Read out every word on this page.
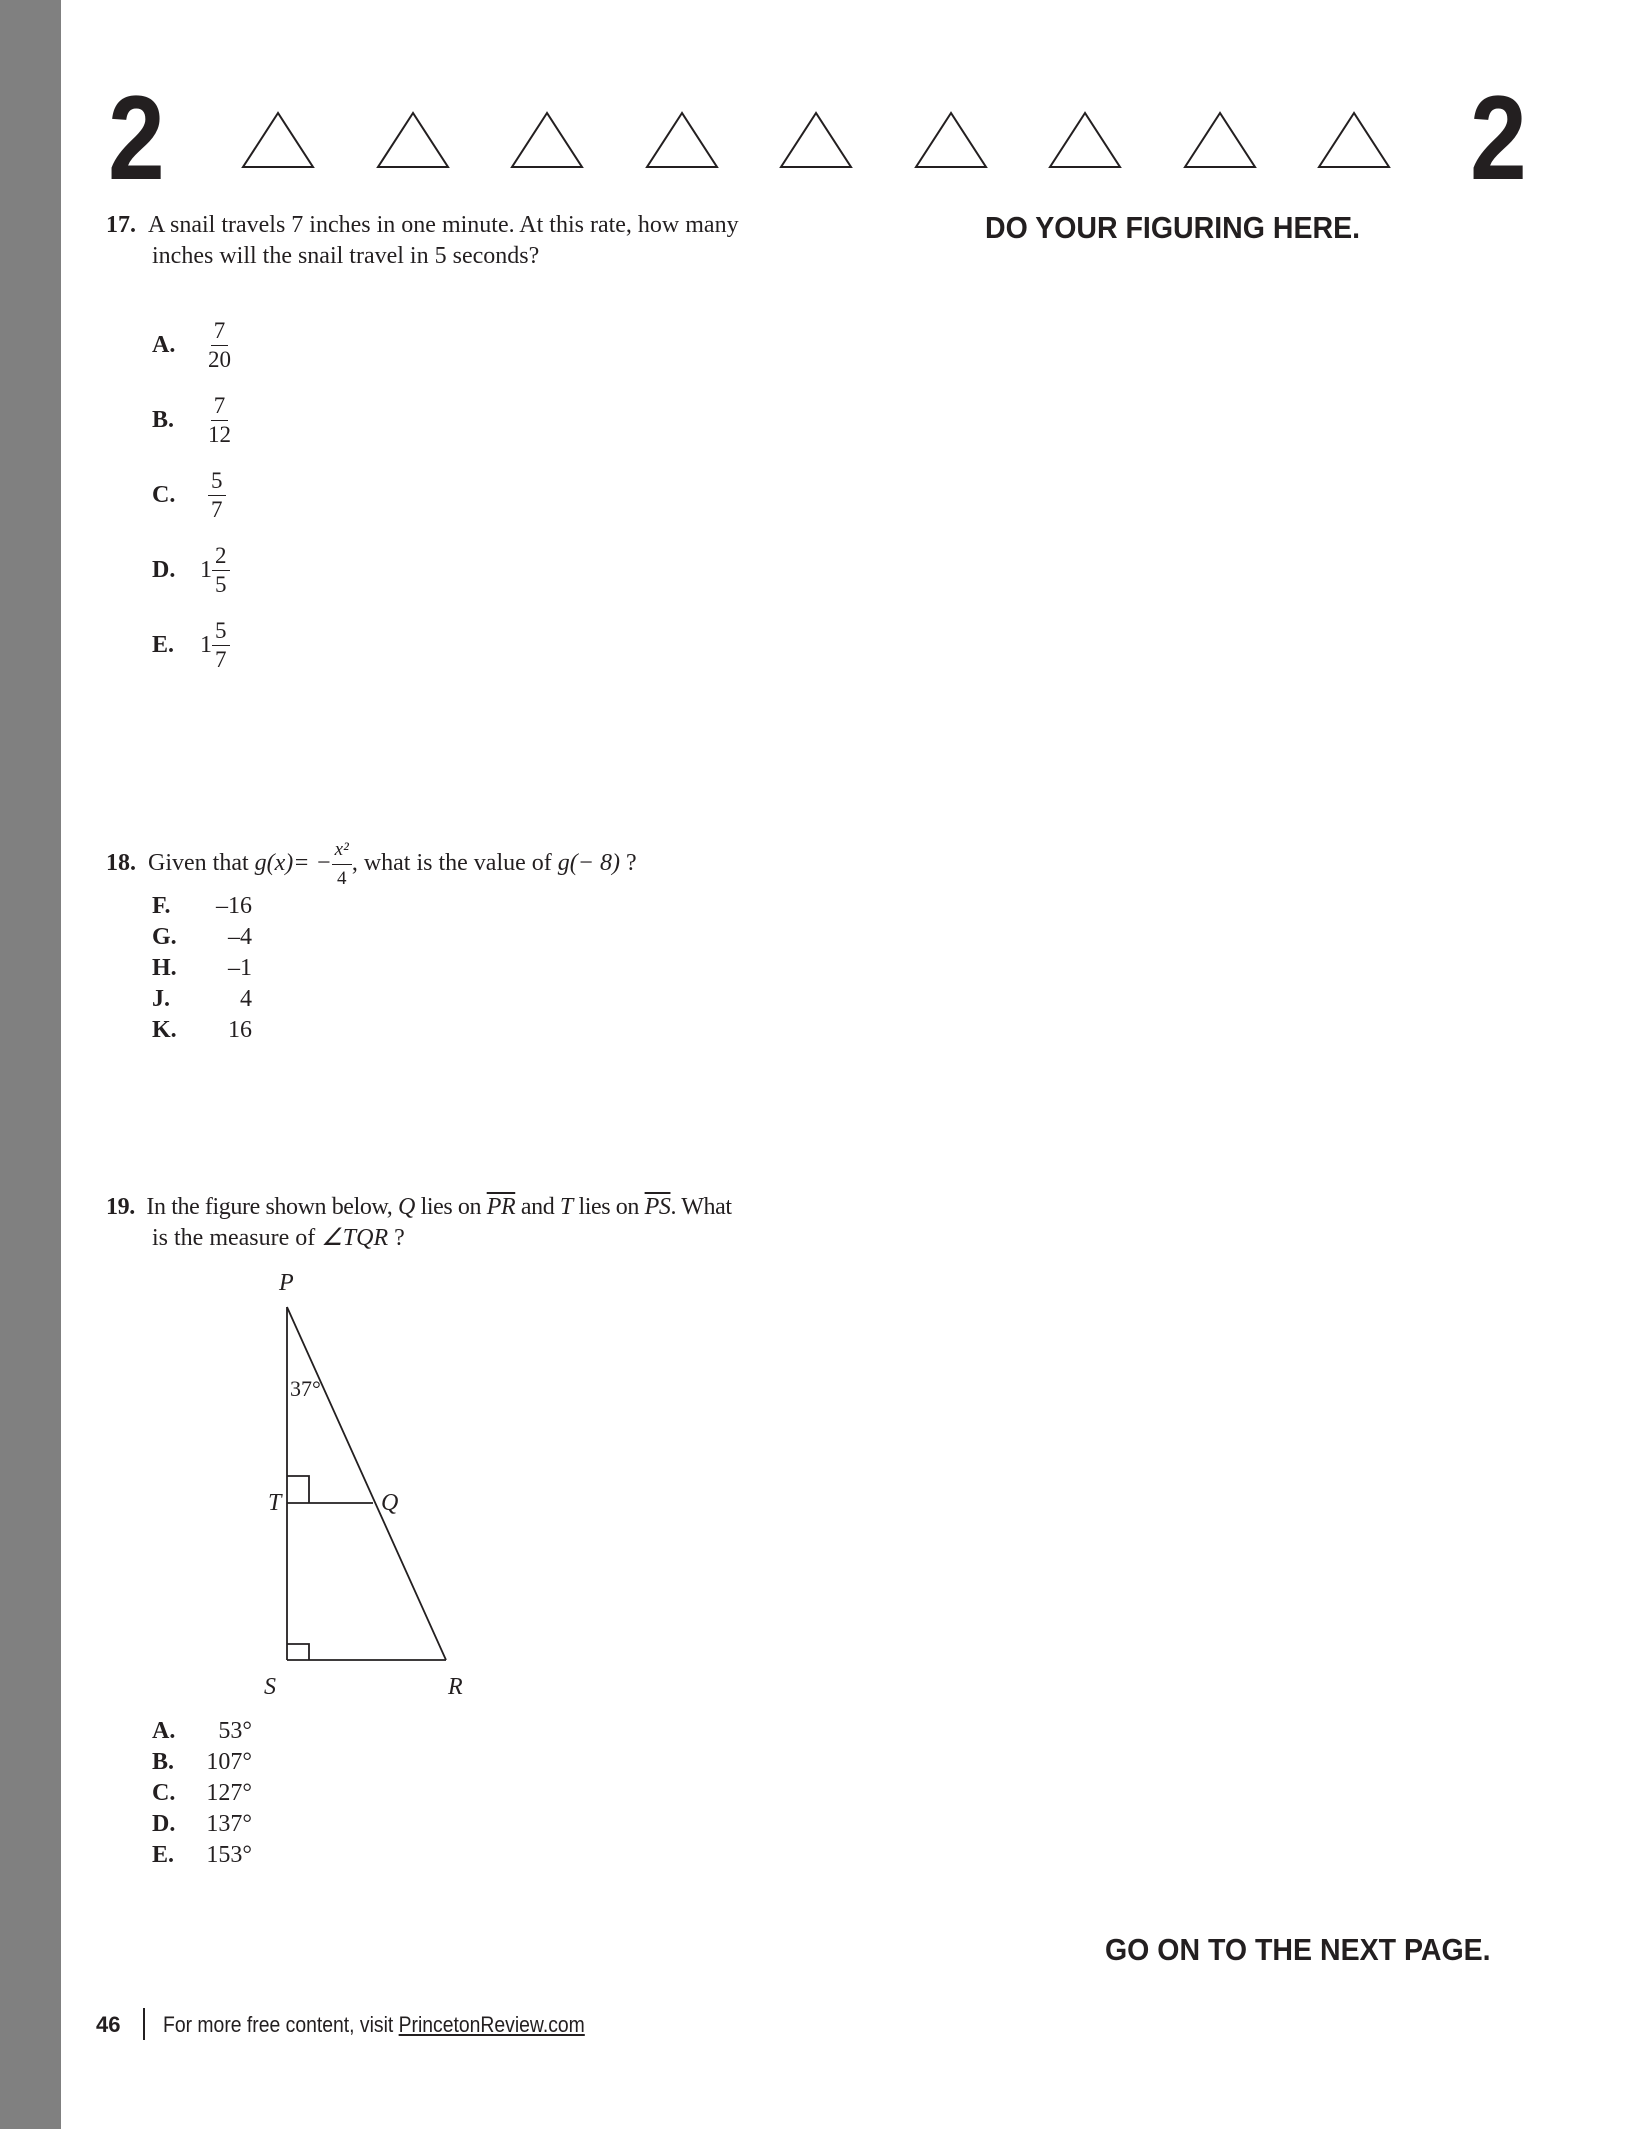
2	2
DO YOUR FIGURING HERE.
17. A snail travels 7 inches in one minute. At this rate, how many
inches will the snail travel in 5 seconds?
A.	$\frac{7}{20}$
B.	$\frac{7}{12}$
C.	$\frac{5}{7}$
D.	$1 \frac{2}{5}$
E.	$1 \frac{5}{7}$
18. Given that $g(x)= - \frac{\text{x²}}{4}$ , what is the value of g(− 8) ?
F.	–16
G.	–4
H.	–1
J.	4
K.	16
19. In the figure shown below, Q lies on $\overline{PR}$ and T lies on $\overline{PS}$. What
is the measure of ∠TQR ?
P
T	Q
S	R
37°
A.	53°
B.	107°
C.	127°
D.	137°
E.	153°
GO ON TO THE NEXT PAGE.
46 For more free content, visit PrincetonReview.com
